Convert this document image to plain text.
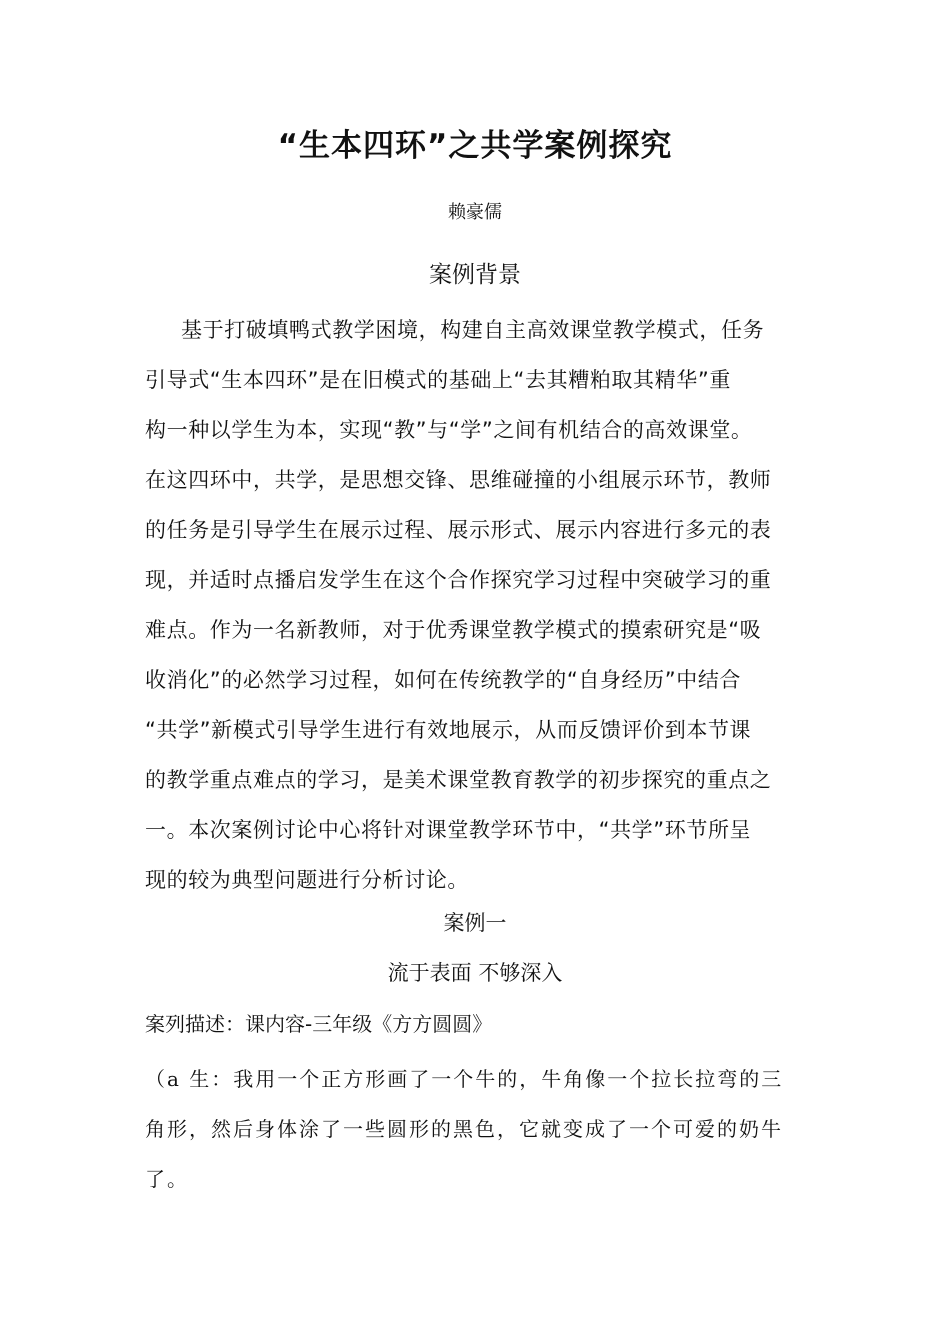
“生本四环”之共学案例探究
赖豪儒
案例背景
基于打破填鸭式教学困境，构建自主高效课堂教学模式，任务
引导式“生本四环”是在旧模式的基础上“去其糟粕取其精华”重
构一种以学生为本，实现“教”与“学”之间有机结合的高效课堂。
在这四环中，共学，是思想交锋、思维碰撞的小组展示环节，教师
的任务是引导学生在展示过程、展示形式、展示内容进行多元的表
现，并适时点播启发学生在这个合作探究学习过程中突破学习的重
难点。作为一名新教师，对于优秀课堂教学模式的摸索研究是“吸
收消化”的必然学习过程，如何在传统教学的“自身经历”中结合
“共学”新模式引导学生进行有效地展示，从而反馈评价到本节课
的教学重点难点的学习，是美术课堂教育教学的初步探究的重点之
一。本次案例讨论中心将针对课堂教学环节中，“共学”环节所呈
现的较为典型问题进行分析讨论。
案例一
流于表面 不够深入
案列描述：课内容-三年级《方方圆圆》
（a 生：我用一个正方形画了一个牛的，牛角像一个拉长拉弯的三
角形，然后身体涂了一些圆形的黑色，它就变成了一个可爱的奶牛
了。
